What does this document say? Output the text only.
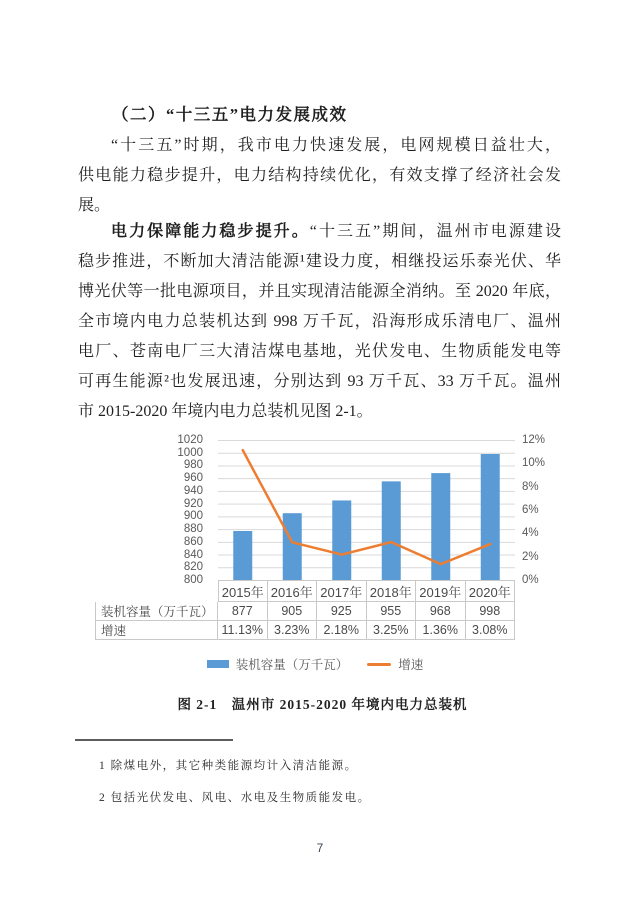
（二）“十三五”电力发展成效
“十三五”时期，我市电力快速发展，电网规模日益壮大，
供电能力稳步提升，电力结构持续优化，有效支撑了经济社会发
展。
电力保障能力稳步提升。“十三五”期间，温州市电源建设
稳步推进，不断加大清洁能源¹建设力度，相继投运乐泰光伏、华
博光伏等一批电源项目，并且实现清洁能源全消纳。至 2020 年底，
全市境内电力总装机达到 998 万千瓦，沿海形成乐清电厂、温州
电厂、苍南电厂三大清洁煤电基地，光伏发电、生物质能发电等
可再生能源²也发展迅速，分别达到 93 万千瓦、33 万千瓦。温州
市 2015-2020 年境内电力总装机见图 2-1。
1020
1000
980
960
940
920
900
880
860
840
820
800
12%
10%
8%
6%
4%
2%
0%
2015年 2016年 2017年 2018年 2019年 2020年
装机容量（万千瓦）	877	905	925	955	968	998
增速	11.13% 3.23%	2.18%	3.25%	1.36%	3.08%
装机容量（万千瓦）	增速
图 2-1　温州市 2015-2020 年境内电力总装机
1 除煤电外，其它种类能源均计入清洁能源。
2 包括光伏发电、风电、水电及生物质能发电。
7
